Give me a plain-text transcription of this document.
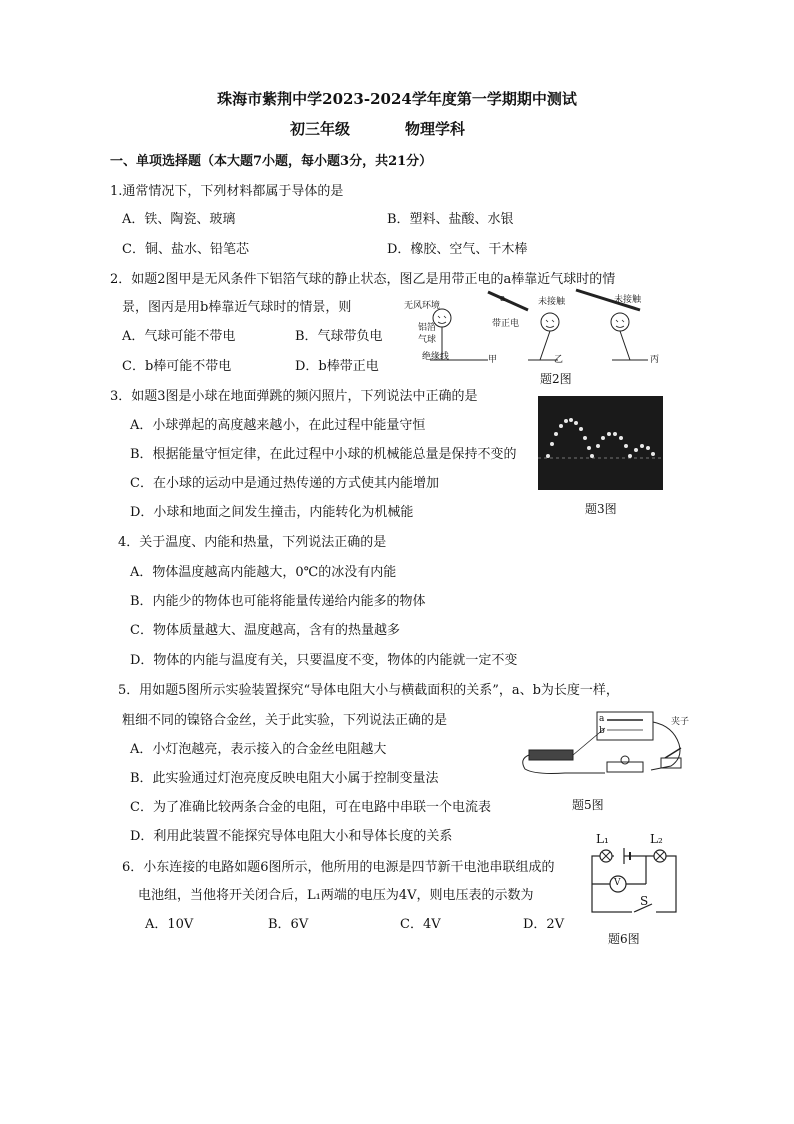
珠海市紫荆中学2023-2024学年度第一学期期中测试
初三年级	物理学科
一、单项选择题（本大题7小题，每小题3分，共21分）
1.通常情况下，下列材料都属于导体的是
A．铁、陶瓷、玻璃	B．塑料、盐酸、水银
C．铜、盐水、铅笔芯	D．橡胶、空气、干木棒
2．如题2图甲是无风条件下铝箔气球的静止状态，图乙是用带正电的a棒靠近气球时的情
景，图丙是用b棒靠近气球时的情景，则
A．气球可能不带电	B．气球带负电
C．b棒可能不带电	D．b棒带正电
无风环境
铝箔
气球
绝缘线	甲
带正电
a
乙
未接触	未接触
丙
题2图
3．如题3图是小球在地面弹跳的频闪照片，下列说法中正确的是
A．小球弹起的高度越来越小，在此过程中能量守恒
B．根据能量守恒定律，在此过程中小球的机械能总量是保持不变的
C．在小球的运动中是通过热传递的方式使其内能增加
D．小球和地面之间发生撞击，内能转化为机械能	题3图
4．关于温度、内能和热量，下列说法正确的是
A．物体温度越高内能越大，0℃的冰没有内能
B．内能少的物体也可能将能量传递给内能多的物体
C．物体质量越大、温度越高，含有的热量越多
D．物体的内能与温度有关，只要温度不变，物体的内能就一定不变
5．用如题5图所示实验装置探究“导体电阻大小与横截面积的关系”，a、b为长度一样，
粗细不同的镍铬合金丝，关于此实验，下列说法正确的是
A．小灯泡越亮，表示接入的合金丝电阻越大
B．此实验通过灯泡亮度反映电阻大小属于控制变量法
C．为了准确比较两条合金的电阻，可在电路中串联一个电流表
D．利用此装置不能探究导体电阻大小和导体长度的关系
a
b
夹子
题5图
6．小东连接的电路如题6图所示，他所用的电源是四节新干电池串联组成的
电池组，当他将开关闭合后，L₁两端的电压为4V，则电压表的示数为
A．10V	B．6V	C．4V	D．2V
L₁	L₂
V
S
题6图
